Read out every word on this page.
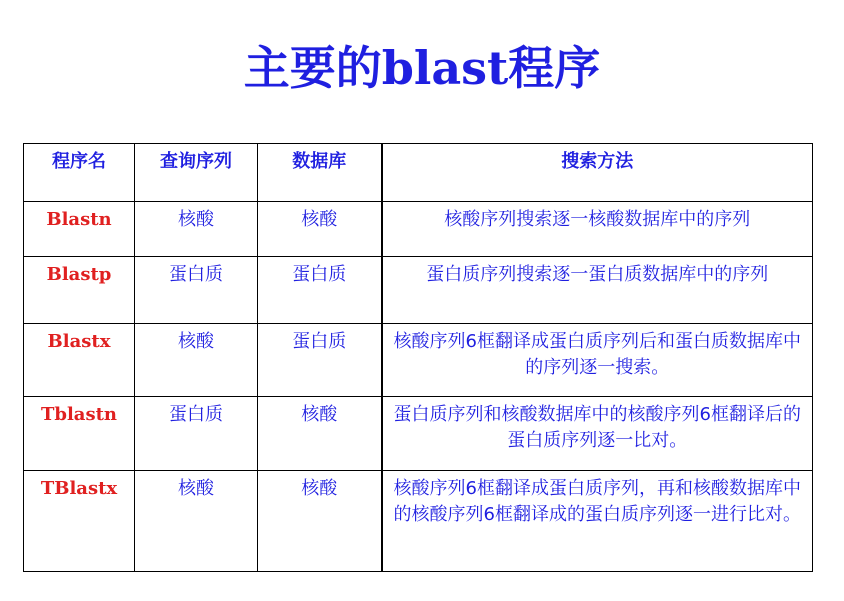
主要的blast程序
程序名	查询序列	数据库	搜索方法
Blastn	核酸	核酸	核酸序列搜索逐一核酸数据库中的序列
Blastp	蛋白质	蛋白质	蛋白质序列搜索逐一蛋白质数据库中的序列
Blastx	核酸	蛋白质	核酸序列6框翻译成蛋白质序列后和蛋白质数据库中的序列逐一搜索。
Tblastn	蛋白质	核酸	蛋白质序列和核酸数据库中的核酸序列6框翻译后的蛋白质序列逐一比对。
TBlastx	核酸	核酸	核酸序列6框翻译成蛋白质序列，再和核酸数据库中的核酸序列6框翻译成的蛋白质序列逐一进行比对。
